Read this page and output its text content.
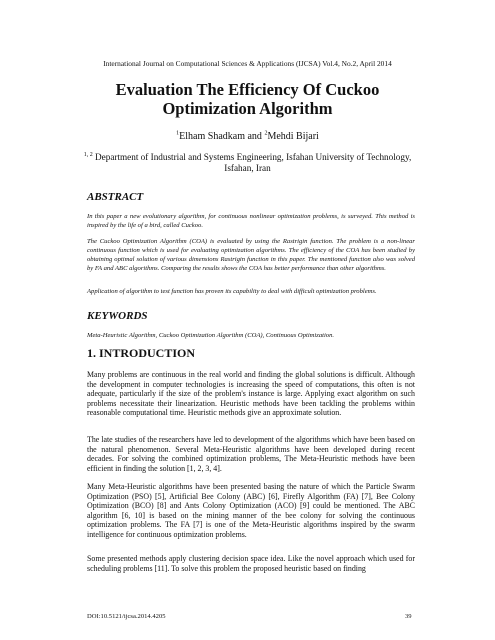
International Journal on Computational Sciences & Applications (IJCSA) Vol.4, No.2, April 2014
Evaluation The Efficiency Of Cuckoo
Optimization Algorithm
$^1$Elham Shadkam and $^2$Mehdi Bijari
$^{1, 2}$ Department of Industrial and Systems Engineering, Isfahan University of Technology, Isfahan, Iran
ABSTRACT
In this paper a new evolutionary algorithm, for continuous nonlinear optimization problems, is surveyed. This method is inspired by the life of a bird, called Cuckoo.
The Cuckoo Optimization Algorithm (COA) is evaluated by using the Rastrigin function. The problem is a non-linear continuous function which is used for evaluating optimization algorithms. The efficiency of the COA has been studied by obtaining optimal solution of various dimensions Rastrigin function in this paper. The mentioned function also was solved by FA and ABC algorithms. Comparing the results shows the COA has better performance than other algorithms.
Application of algorithm to test function has proven its capability to deal with difficult optimization problems.
KEYWORDS
Meta-Heuristic Algorithm, Cuckoo Optimization Algorithm (COA), Continuous Optimization.
1. INTRODUCTION
Many problems are continuous in the real world and finding the global solutions is difficult. Although the development in computer technologies is increasing the speed of computations, this often is not adequate, particularly if the size of the problem's instance is large. Applying exact algorithm on such problems necessitate their linearization. Heuristic methods have been tackling the problems within reasonable computational time. Heuristic methods give an approximate solution.
The late studies of the researchers have led to development of the algorithms which have been based on the natural phenomenon. Several Meta-Heuristic algorithms have been developed during recent decades. For solving the combined optimization problems, The Meta-Heuristic methods have been efficient in finding the solution [1, 2, 3, 4].
Many Meta-Heuristic algorithms have been presented basing the nature of which the Particle Swarm Optimization (PSO) [5], Artificial Bee Colony (ABC) [6], Firefly Algorithm (FA) [7], Bee Colony Optimization (BCO) [8] and Ants Colony Optimization (ACO) [9] could be mentioned. The ABC algorithm [6, 10] is based on the mining manner of the bee colony for solving the continuous optimization problems. The FA [7] is one of the Meta-Heuristic algorithms inspired by the swarm intelligence for continuous optimization problems.
Some presented methods apply clustering decision space idea. Like the novel approach which used for scheduling problems [11]. To solve this problem the proposed heuristic based on finding
DOI:10.5121/ijcsa.2014.4205	39
